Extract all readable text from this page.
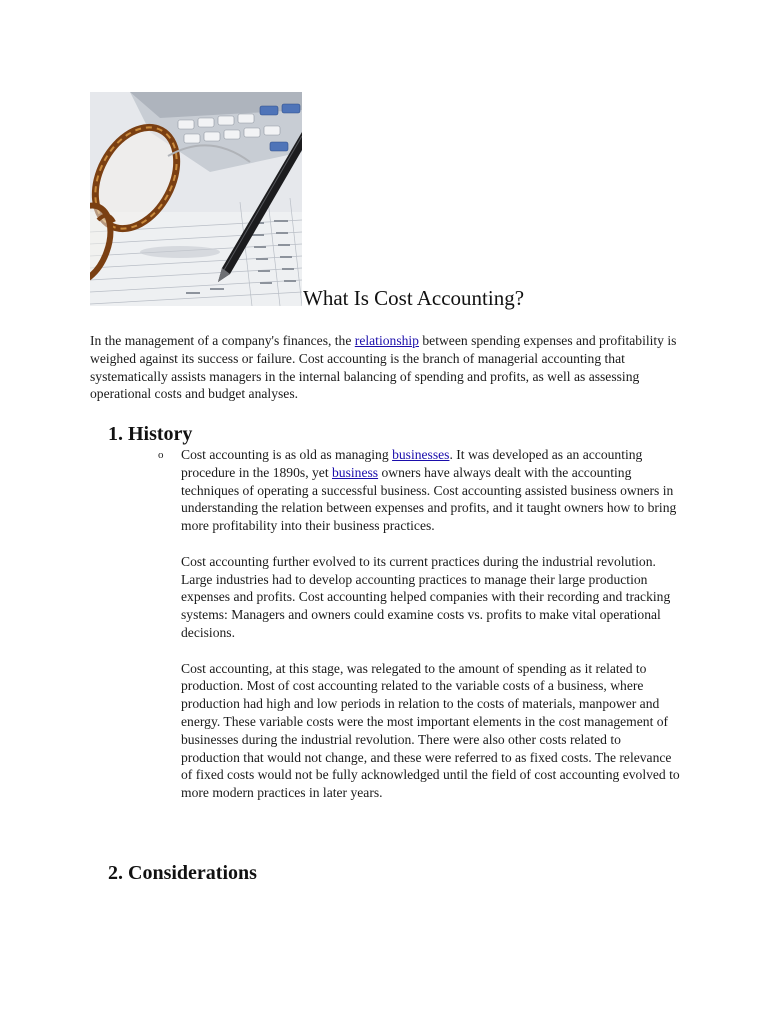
What Is Cost Accounting?
In the management of a company's finances, the relationship between spending expenses and profitability is weighed against its success or failure. Cost accounting is the branch of managerial accounting that systematically assists managers in the internal balancing of spending and profits, as well as assessing operational costs and budget analyses.
1. History
o Cost accounting is as old as managing businesses. It was developed as an accounting procedure in the 1890s, yet business owners have always dealt with the accounting techniques of operating a successful business. Cost accounting assisted business owners in understanding the relation between expenses and profits, and it taught owners how to bring more profitability into their business practices.

Cost accounting further evolved to its current practices during the industrial revolution. Large industries had to develop accounting practices to manage their large production expenses and profits. Cost accounting helped companies with their recording and tracking systems: Managers and owners could examine costs vs. profits to make vital operational decisions.

Cost accounting, at this stage, was relegated to the amount of spending as it related to production. Most of cost accounting related to the variable costs of a business, where production had high and low periods in relation to the costs of materials, manpower and energy. These variable costs were the most important elements in the cost management of businesses during the industrial revolution. There were also other costs related to production that would not change, and these were referred to as fixed costs. The relevance of fixed costs would not be fully acknowledged until the field of cost accounting evolved to more modern practices in later years.

2. Considerations
